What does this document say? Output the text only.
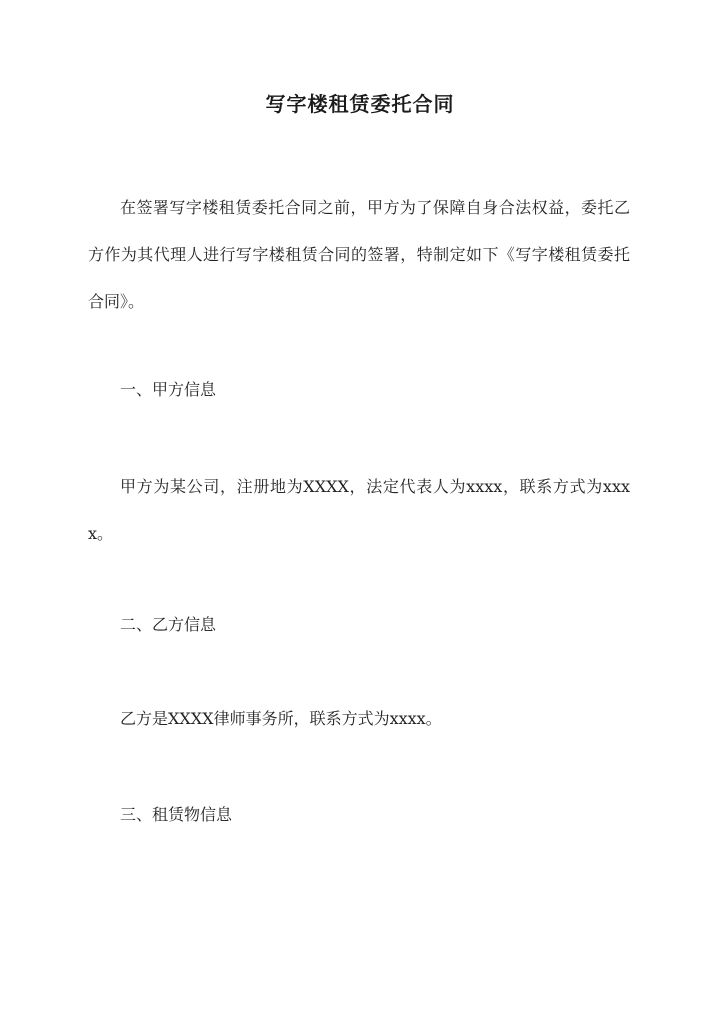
写字楼租赁委托合同

在签署写字楼租赁委托合同之前，甲方为了保障自身合法权益，委托乙方作为其代理人进行写字楼租赁合同的签署，特制定如下《写字楼租赁委托合同》。

一、甲方信息

甲方为某公司，注册地为XXXX，法定代表人为xxxx，联系方式为xxxx。

二、乙方信息

乙方是XXXX律师事务所，联系方式为xxxx。

三、租赁物信息
